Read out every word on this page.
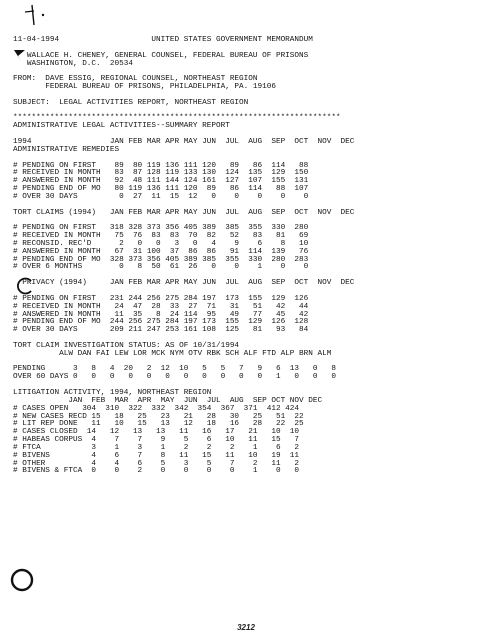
11-04-1994                    UNITED STATES GOVERNMENT MEMORANDUM

WALLACE H. CHENEY, GENERAL COUNSEL, FEDERAL BUREAU OF PRISONS
WASHINGTON, D.C.  20534

FROM:  DAVE ESSIG, REGIONAL COUNSEL, NORTHEAST REGION
FEDERAL BUREAU OF PRISONS, PHILADELPHIA, PA. 19106

SUBJECT:  LEGAL ACTIVITIES REPORT, NORTHEAST REGION

***********************************************************************
ADMINISTRATIVE LEGAL ACTIVITIES--SUMMARY REPORT

1994                 JAN FEB MAR APR MAY JUN  JUL  AUG  SEP  OCT  NOV  DEC
ADMINISTRATIVE REMEDIES

# PENDING ON FIRST    89  80 119 136 111 120   89   86  114   88
# RECEIVED IN MONTH   83  87 128 119 133 130  124  135  129  150
# ANSWERED IN MONTH   92  48 111 144 124 161  127  107  155  131
# PENDING END OF MO   80 119 136 111 120  89   86  114   88  107
# OVER 30 DAYS         0  27  11  15  12   0    0    0    0    0

TORT CLAIMS (1994)   JAN FEB MAR APR MAY JUN  JUL  AUG  SEP  OCT  NOV  DEC

# PENDING ON FIRST   318 328 373 356 405 389  385  355  330  280
# RECEIVED IN MONTH   75  76  83  83  70  82   52   83   81   69
# RECONSID. REC'D      2   0   0   3   0   4    9    6    8   10
# ANSWERED IN MONTH   67  31 100  37  86  86   91  114  139   76
# PENDING END OF MO  328 373 356 405 389 385  355  330  280  283
# OVER 6 MONTHS        0   8  50  61  26   0    0    1    0    0

PRIVACY (1994)     JAN FEB MAR APR MAY JUN  JUL  AUG  SEP  OCT  NOV  DEC

# PENDING ON FIRST   231 244 256 275 284 197  173  155  129  126
# RECEIVED IN MONTH   24  47  28  33  27  71   31   51   42   44
# ANSWERED IN MONTH   11  35   8  24 114  95   49   77   45   42
# PENDING END OF MO  244 256 275 284 197 173  155  129  126  128
# OVER 30 DAYS       209 211 247 253 161 108  125   81   93   84

TORT CLAIM INVESTIGATION STATUS: AS OF 10/31/1994
ALW DAN FAI LEW LOR MCK NYM OTV RBK SCH ALF FTD ALP BRN ALM

PENDING      3   8   4  20   2  12  10   5   5   7   9   6  13   0   8
OVER 60 DAYS 0   0   0   0   0   0   0   0   0   0   0   1   0   0   0

LITIGATION ACTIVITY, 1994, NORTHEAST REGION
JAN  FEB  MAR  APR  MAY  JUN  JUL  AUG  SEP OCT NOV DEC
# CASES OPEN   304  310  322  332  342  354  367  371  412 424
# NEW CASES RECD 15   18   25   23   21   28   30   25   51  22
# LIT REP DONE   11   10   15   13   12   18   16   28   22  25
# CASES CLOSED  14   12   13   13   11   16   17   21   10  10
# HABEAS CORPUS  4    7    7    9    5    6   10   11   15   7
# FTCA           3    1    3    1    2    2    2    1    6   2
# BIVENS         4    6    7    8   11   15   11   10   19  11
# OTHER          4    4    6    5    3    5    7    2   11   2
# BIVENS & FTCA  0    0    2    0    0    0    0    1    0   0

3212
